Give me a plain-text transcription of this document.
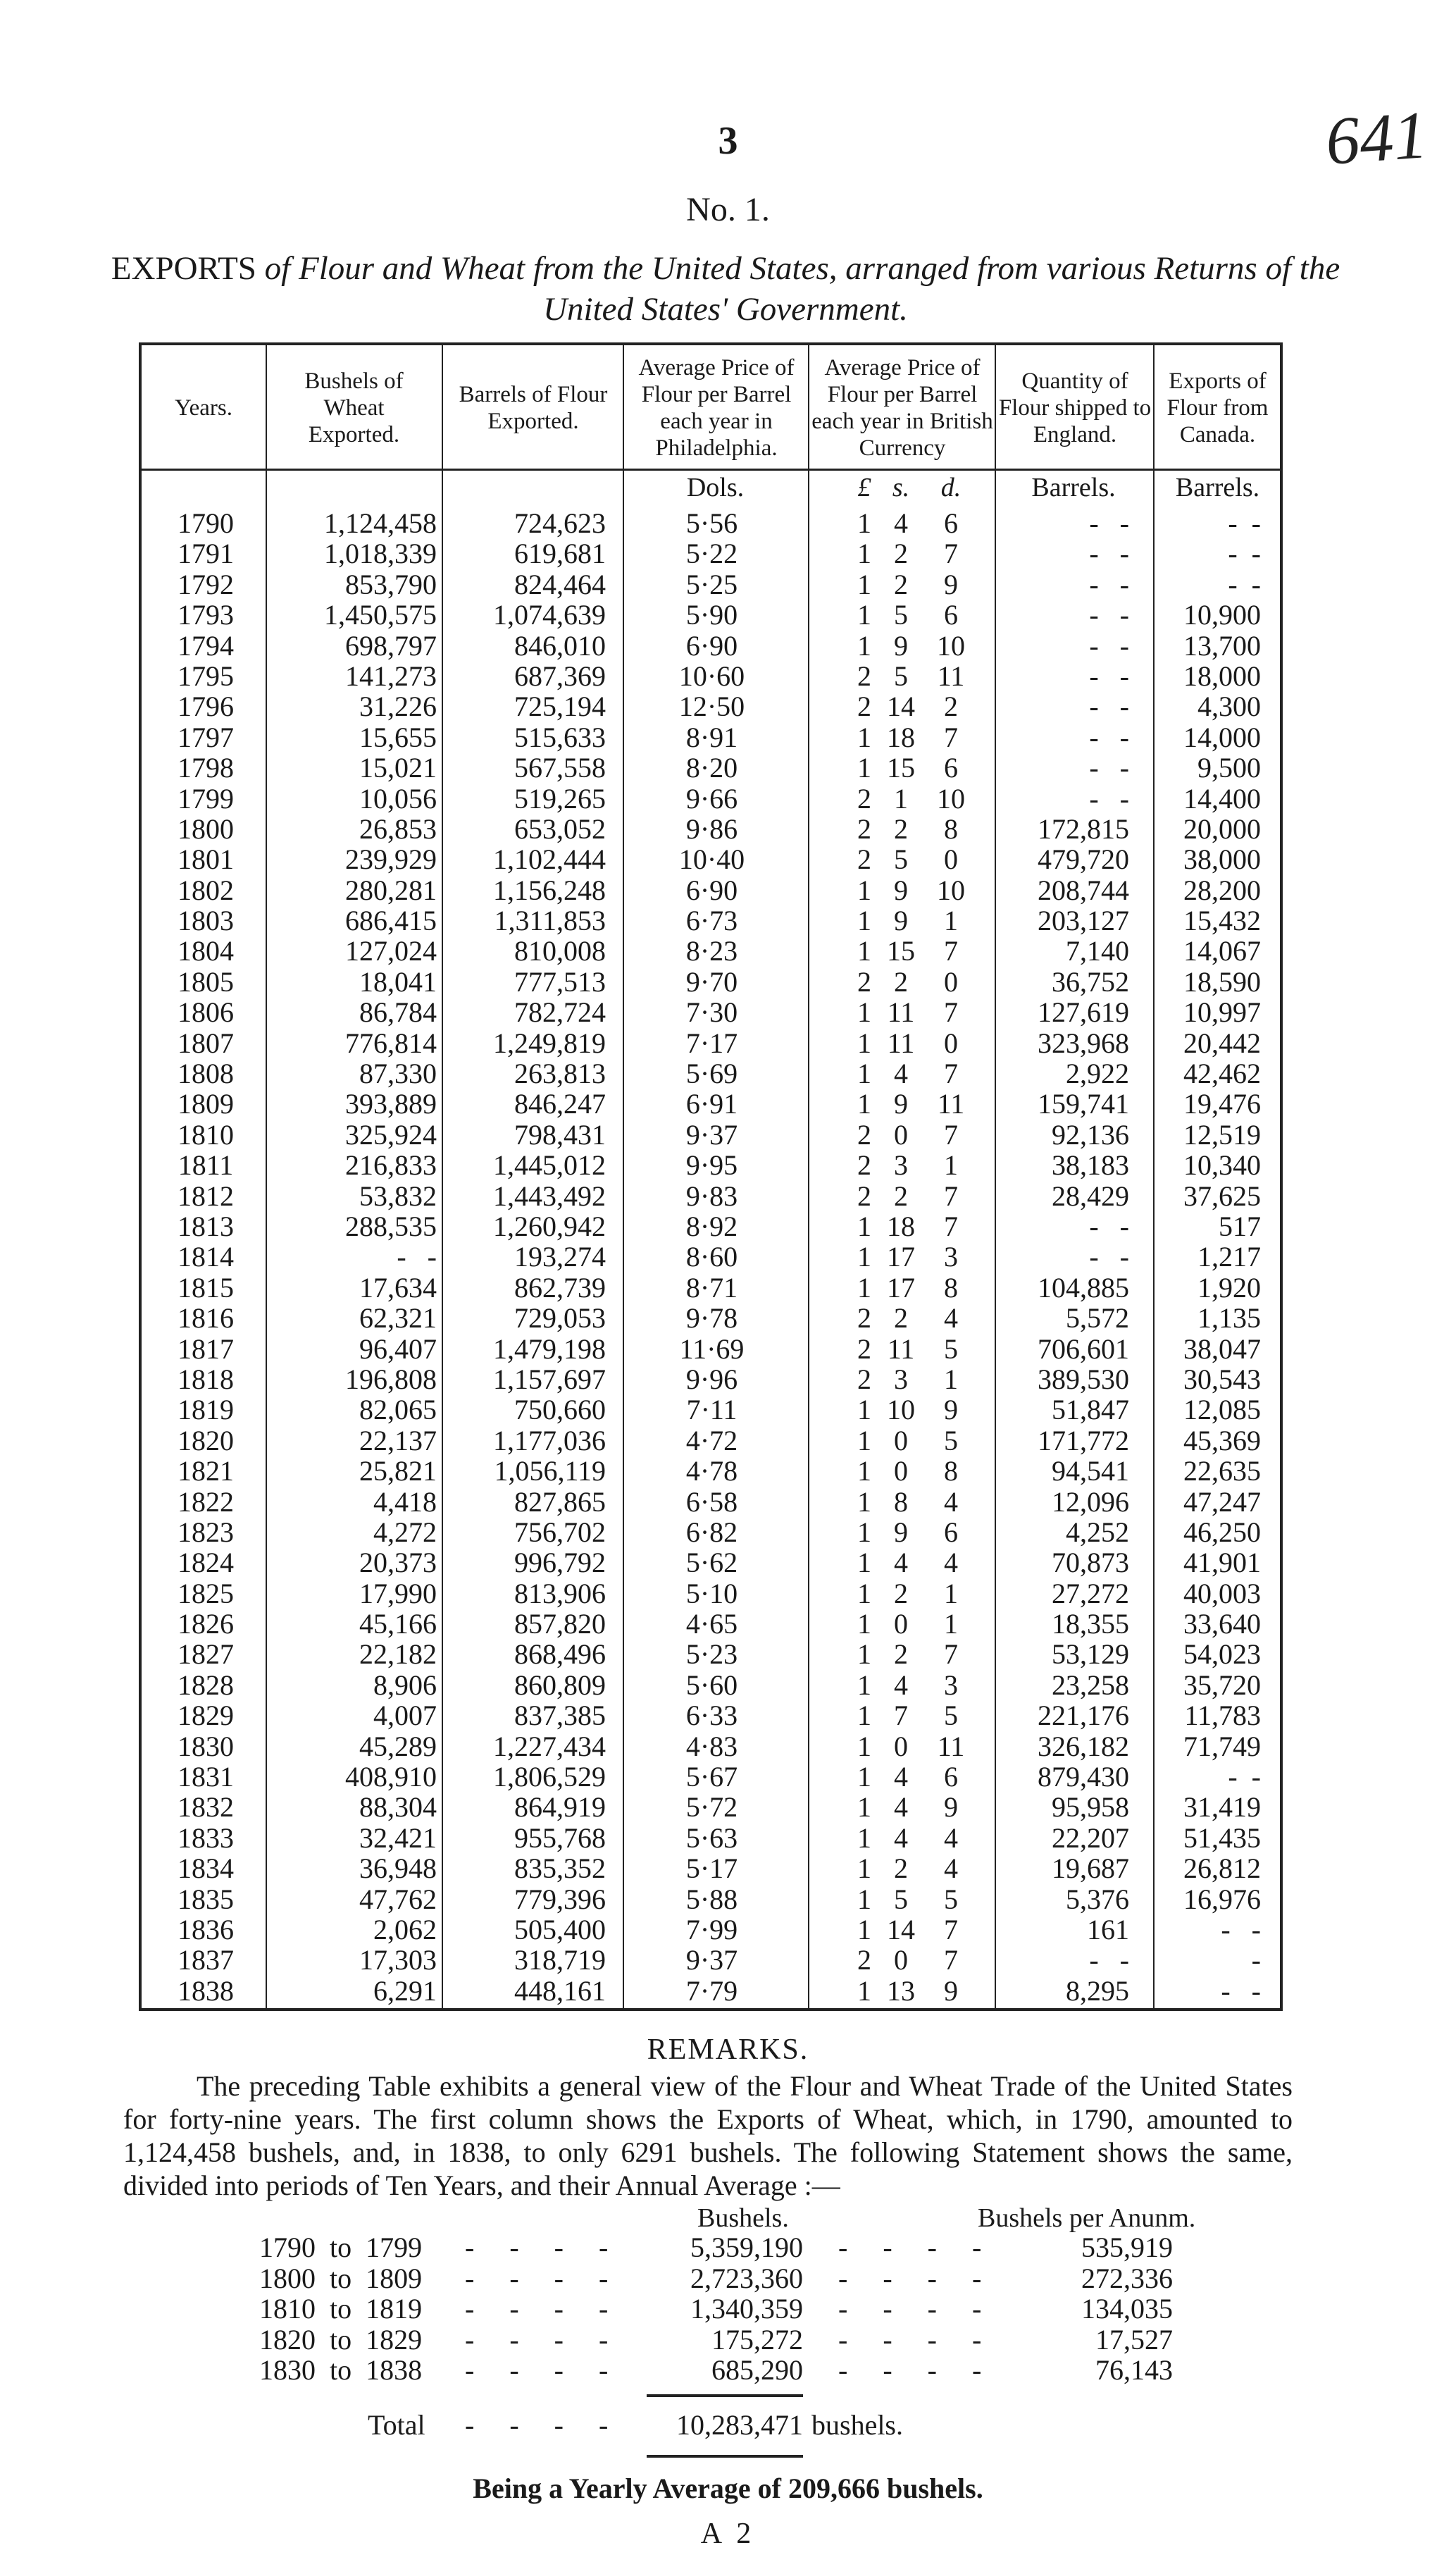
3	641
No. 1.
EXPORTS of Flour and Wheat from the United States, arranged from various Returns of the United States' Government.
Years.
Bushels of Wheat Exported.
Barrels of Flour Exported.
Average Price of Flour per Barrel each year in Philadelphia.
Average Price of Flour per Barrel each year in British Currency
Quantity of Flour shipped to England.
Exports of Flour from Canada.
Dols.	£ s.	d.	Barrels.	Barrels.
1790	1,124,458	724,623	5·56	1 4	6	-   -	-  -
1791	1,018,339	619,681	5·22	1 2	7	-   -	-  -
1792	853,790	824,464	5·25	1 2	9	-   -	-  -
1793	1,450,575	1,074,639	5·90	1 5	6	-   -	10,900
1794	698,797	846,010	6·90	1 9	10	-   -	13,700
1795	141,273	687,369	10·60	2 5	11	-   -	18,000
1796	31,226	725,194	12·50	2 14	2	-   -	4,300
1797	15,655	515,633	8·91	1 18	7	-   -	14,000
1798	15,021	567,558	8·20	1 15	6	-   -	9,500
1799	10,056	519,265	9·66	2 1	10	-   -	14,400
1800	26,853	653,052	9·86	2 2	8	172,815	20,000
1801	239,929	1,102,444	10·40	2 5	0	479,720	38,000
1802	280,281	1,156,248	6·90	1 9	10	208,744	28,200
1803	686,415	1,311,853	6·73	1 9	1	203,127	15,432
1804	127,024	810,008	8·23	1 15	7	7,140	14,067
1805	18,041	777,513	9·70	2 2	0	36,752	18,590
1806	86,784	782,724	7·30	1 11	7	127,619	10,997
1807	776,814	1,249,819	7·17	1 11	0	323,968	20,442
1808	87,330	263,813	5·69	1 4	7	2,922	42,462
1809	393,889	846,247	6·91	1 9	11	159,741	19,476
1810	325,924	798,431	9·37	2 0	7	92,136	12,519
1811	216,833	1,445,012	9·95	2 3	1	38,183	10,340
1812	53,832	1,443,492	9·83	2 2	7	28,429	37,625
1813	288,535	1,260,942	8·92	1 18	7	-   -	517
1814	-   -	193,274	8·60	1 17	3	-   -	1,217
1815	17,634	862,739	8·71	1 17	8	104,885	1,920
1816	62,321	729,053	9·78	2 2	4	5,572	1,135
1817	96,407	1,479,198	11·69	2 11	5	706,601	38,047
1818	196,808	1,157,697	9·96	2 3	1	389,530	30,543
1819	82,065	750,660	7·11	1 10	9	51,847	12,085
1820	22,137	1,177,036	4·72	1 0	5	171,772	45,369
1821	25,821	1,056,119	4·78	1 0	8	94,541	22,635
1822	4,418	827,865	6·58	1 8	4	12,096	47,247
1823	4,272	756,702	6·82	1 9	6	4,252	46,250
1824	20,373	996,792	5·62	1 4	4	70,873	41,901
1825	17,990	813,906	5·10	1 2	1	27,272	40,003
1826	45,166	857,820	4·65	1 0	1	18,355	33,640
1827	22,182	868,496	5·23	1 2	7	53,129	54,023
1828	8,906	860,809	5·60	1 4	3	23,258	35,720
1829	4,007	837,385	6·33	1 7	5	221,176	11,783
1830	45,289	1,227,434	4·83	1 0	11	326,182	71,749
1831	408,910	1,806,529	5·67	1 4	6	879,430	-  -
1832	88,304	864,919	5·72	1 4	9	95,958	31,419
1833	32,421	955,768	5·63	1 4	4	22,207	51,435
1834	36,948	835,352	5·17	1 2	4	19,687	26,812
1835	47,762	779,396	5·88	1 5	5	5,376	16,976
1836	2,062	505,400	7·99	1 14	7	161	-   -
1837	17,303	318,719	9·37	2 0	7	-   -	-
1838	6,291	448,161	7·79	1 13	9	8,295	-   -
REMARKS.
The preceding Table exhibits a general view of the Flour and Wheat Trade of the United States for forty-nine years. The first column shows the Exports of Wheat, which, in 1790, amounted to 1,124,458 bushels, and, in 1838, to only 6291 bushels. The following Statement shows the same, divided into periods of Ten Years, and their Annual Average :—
Bushels.	Bushels per Anunm.
1790  to  1799	-     -     -     -	5,359,190 -     -     -     -	535,919
1800  to  1809	-     -     -     -	2,723,360 -     -     -     -	272,336
1810  to  1819	-     -     -     -	1,340,359 -     -     -     -	134,035
1820  to  1829	-     -     -     -	175,272 -     -     -     -	17,527
1830  to  1838	-     -     -     -	685,290 -     -     -     -	76,143
Total -     -     -     -	10,283,471 bushels.
Being a Yearly Average of 209,666 bushels.
A 2
